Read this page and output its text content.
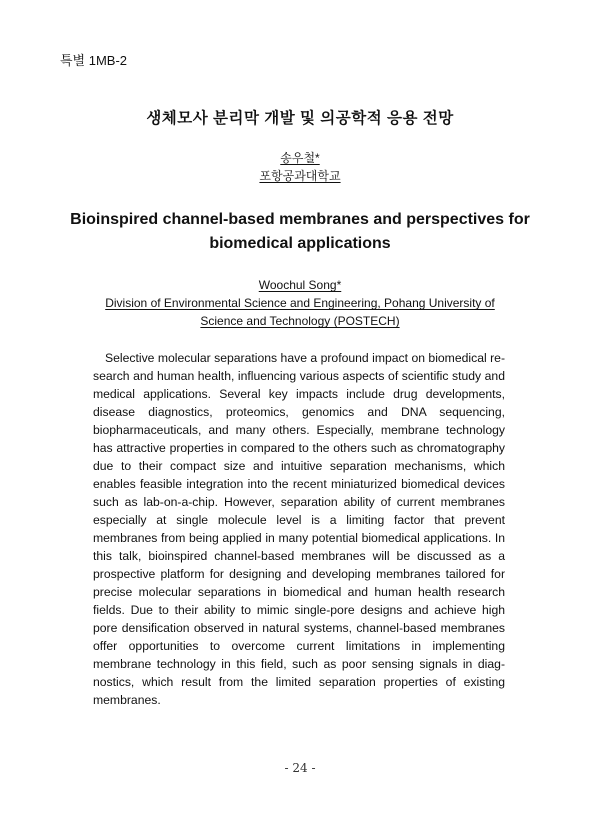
특별 1MB-2
생체모사 분리막 개발 및 의공학적 응용 전망
송우철*
포항공과대학교
Bioinspired channel-based membranes and perspectives for biomedical applications
Woochul Song*
Division of Environmental Science and Engineering, Pohang University of
Science and Technology (POSTECH)
Selective molecular separations have a profound impact on biomedical research and human health, influencing various aspects of scientific study and medical applications. Several key impacts include drug developments, disease diagnostics, proteomics, genomics and DNA sequencing, biopharmaceuticals, and many others. Especially, membrane technology has attractive properties in compared to the others such as chromatography due to their compact size and intuitive separation mechanisms, which enables feasible integration into the recent miniaturized biomedical devices such as lab-on-a-chip. However, separation ability of current membranes especially at single molecule level is a limiting factor that prevent membranes from being applied in many potential biomedical applications. In this talk, bioinspired channel-based membranes will be discussed as a prospective platform for designing and developing membranes tailored for precise molecular separations in biomedical and human health research fields. Due to their ability to mimic single-pore designs and achieve high pore densification observed in natural systems, channel-based membranes offer opportunities to overcome current limitations in implementing membrane technology in this field, such as poor sensing signals in diagnostics, which result from the limited separation properties of existing membranes.
- 24 -
